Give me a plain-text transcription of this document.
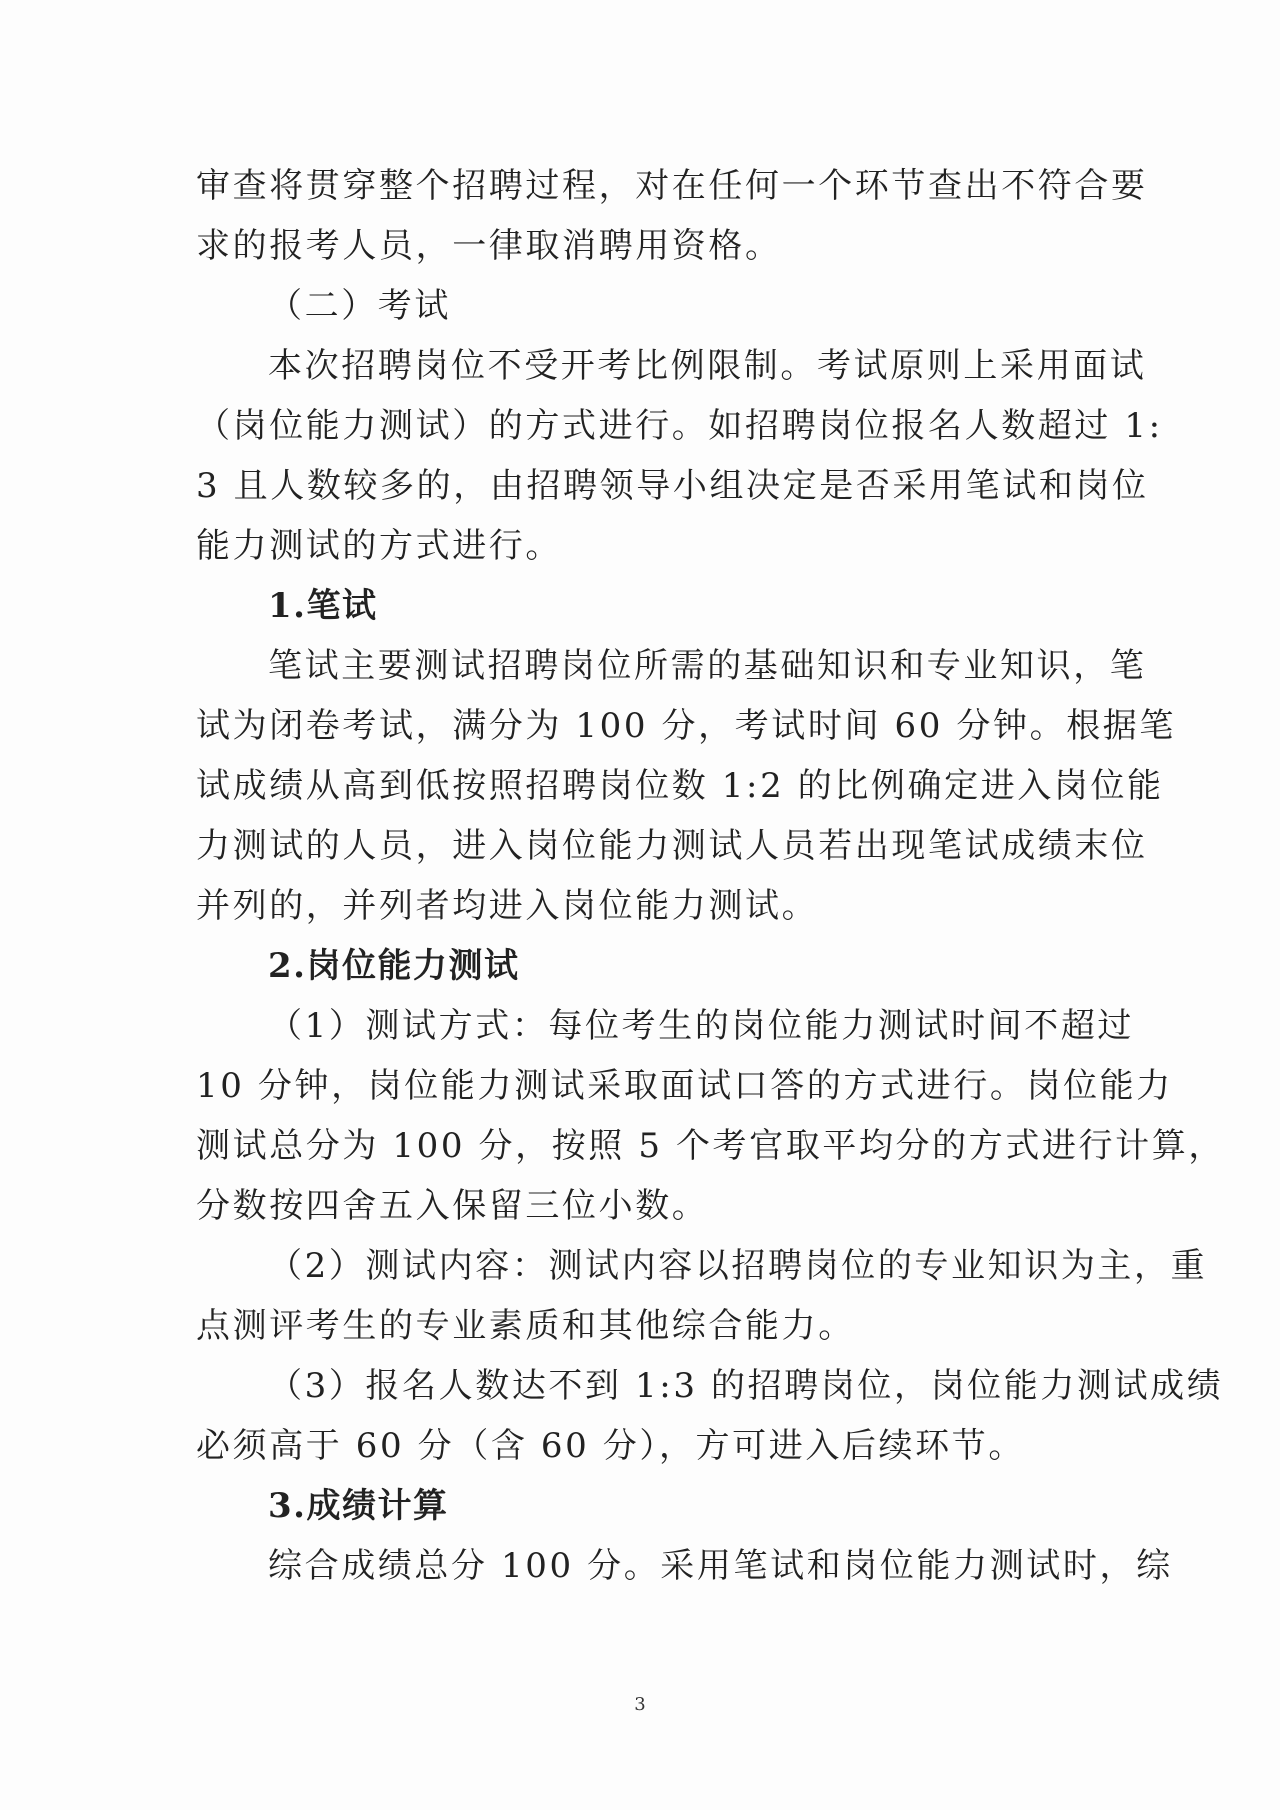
审查将贯穿整个招聘过程，对在任何一个环节查出不符合要
求的报考人员，一律取消聘用资格。
（二）考试
本次招聘岗位不受开考比例限制。考试原则上采用面试
（岗位能力测试）的方式进行。如招聘岗位报名人数超过 1:
3 且人数较多的，由招聘领导小组决定是否采用笔试和岗位
能力测试的方式进行。
1.笔试
笔试主要测试招聘岗位所需的基础知识和专业知识，笔
试为闭卷考试，满分为 100 分，考试时间 60 分钟。根据笔
试成绩从高到低按照招聘岗位数 1:2 的比例确定进入岗位能
力测试的人员，进入岗位能力测试人员若出现笔试成绩末位
并列的，并列者均进入岗位能力测试。
2.岗位能力测试
（1）测试方式：每位考生的岗位能力测试时间不超过
10 分钟，岗位能力测试采取面试口答的方式进行。岗位能力
测试总分为 100 分，按照 5 个考官取平均分的方式进行计算，
分数按四舍五入保留三位小数。
（2）测试内容：测试内容以招聘岗位的专业知识为主，重
点测评考生的专业素质和其他综合能力。
（3）报名人数达不到 1:3 的招聘岗位，岗位能力测试成绩
必须高于 60 分（含 60 分），方可进入后续环节。
3.成绩计算
综合成绩总分 100 分。采用笔试和岗位能力测试时，综
3
